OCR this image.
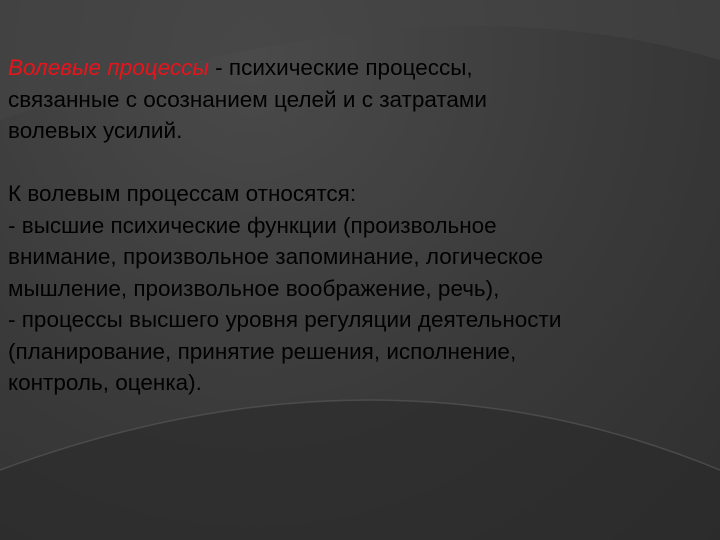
Волевые процессы - психические процессы,
связанные с осознанием целей и с затратами
волевых усилий.

К волевым процессам относятся:
- высшие психические функции (произвольное
внимание, произвольное запоминание, логическое
мышление, произвольное воображение, речь),
- процессы высшего уровня регуляции деятельности
(планирование, принятие решения, исполнение,
контроль, оценка).
